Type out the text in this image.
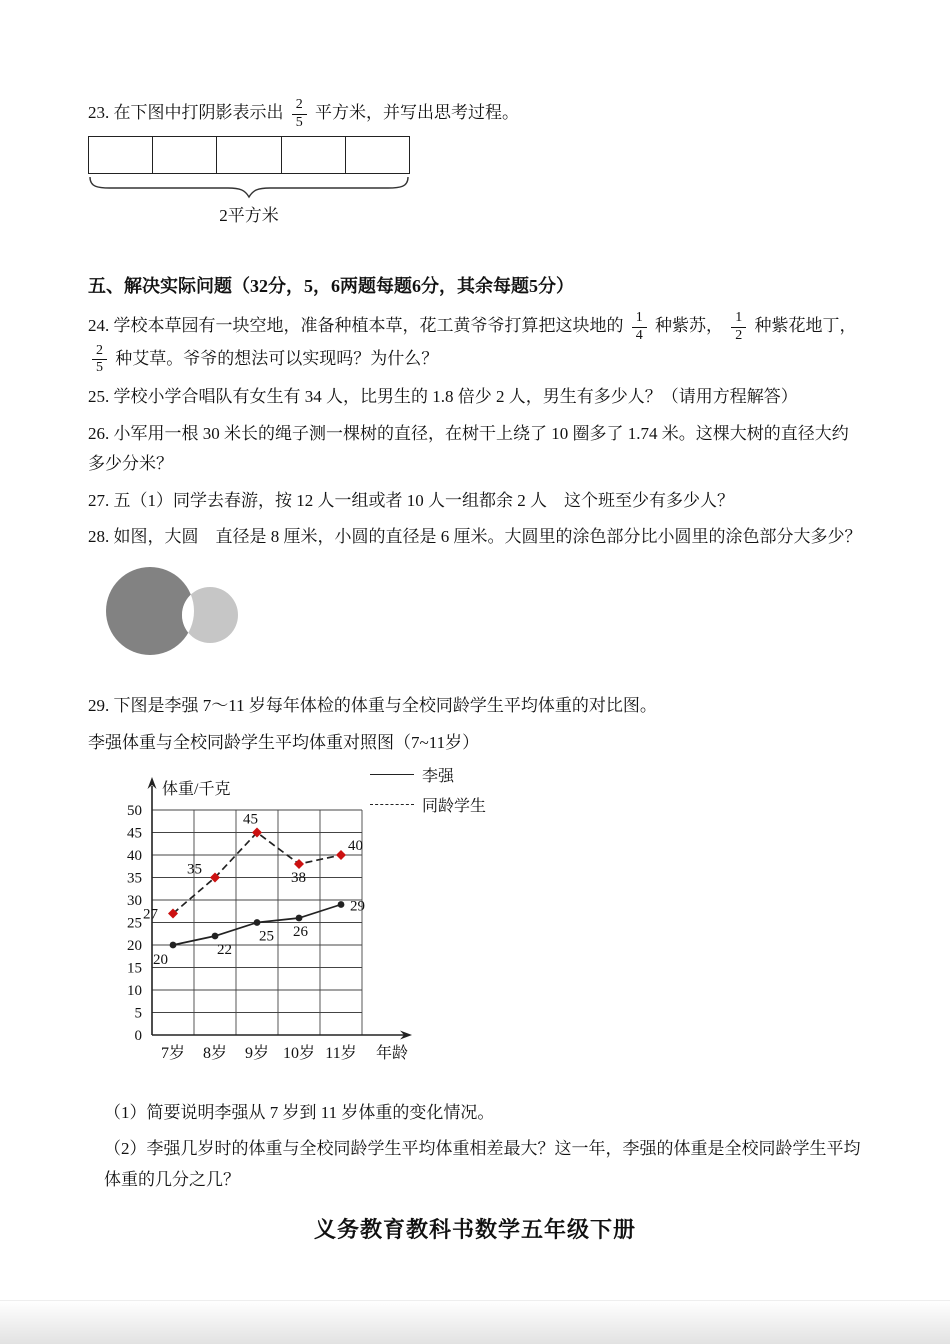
23. 在下图中打阴影表示出 $\frac{2}{5}$ 平方米，并写出思考过程。

2平方米
五、解决实际问题（32分，5，6两题每题6分，其余每题5分）

24. 学校本草园有一块空地，准备种植本草，花工黄爷爷打算把这块地的 $\frac{1}{4}$ 种紫苏， $\frac{1}{2}$ 种紫花地丁，
$\frac{2}{5}$ 种艾草。爷爷的想法可以实现吗？为什么？

25. 学校小学合唱队有女生有 34 人，比男生的 1.8 倍少 2 人，男生有多少人？（请用方程解答）

26. 小军用一根 30 米长的绳子测一棵树的直径，在树干上绕了 10 圈多了 1.74 米。这棵大树的直径大约多少分米？

27. 五（1）同学去春游，按 12 人一组或者 10 人一组都余 2 人　这个班至少有多少人？

28. 如图，大圆　直径是 8 厘米，小圆的直径是 6 厘米。大圆里的涂色部分比小圆里的涂色部分大多少？

29. 下图是李强 7～11 岁每年体检的体重与全校同龄学生平均体重的对比图。

李强体重与全校同龄学生平均体重对照图（7~11岁）
李强
同龄学生
0
5
10
15
20
25
30
35
40
45
50
7岁 8岁 9岁 10岁 11岁 年龄
体重/千克
20
22
25 26
29
27
35
45
38
40

（1）简要说明李强从 7 岁到 11 岁体重的变化情况。

（2）李强几岁时的体重与全校同龄学生平均体重相差最大？这一年，李强的体重是全校同龄学生平均体重的几分之几？

义务教育教科书数学五年级下册
